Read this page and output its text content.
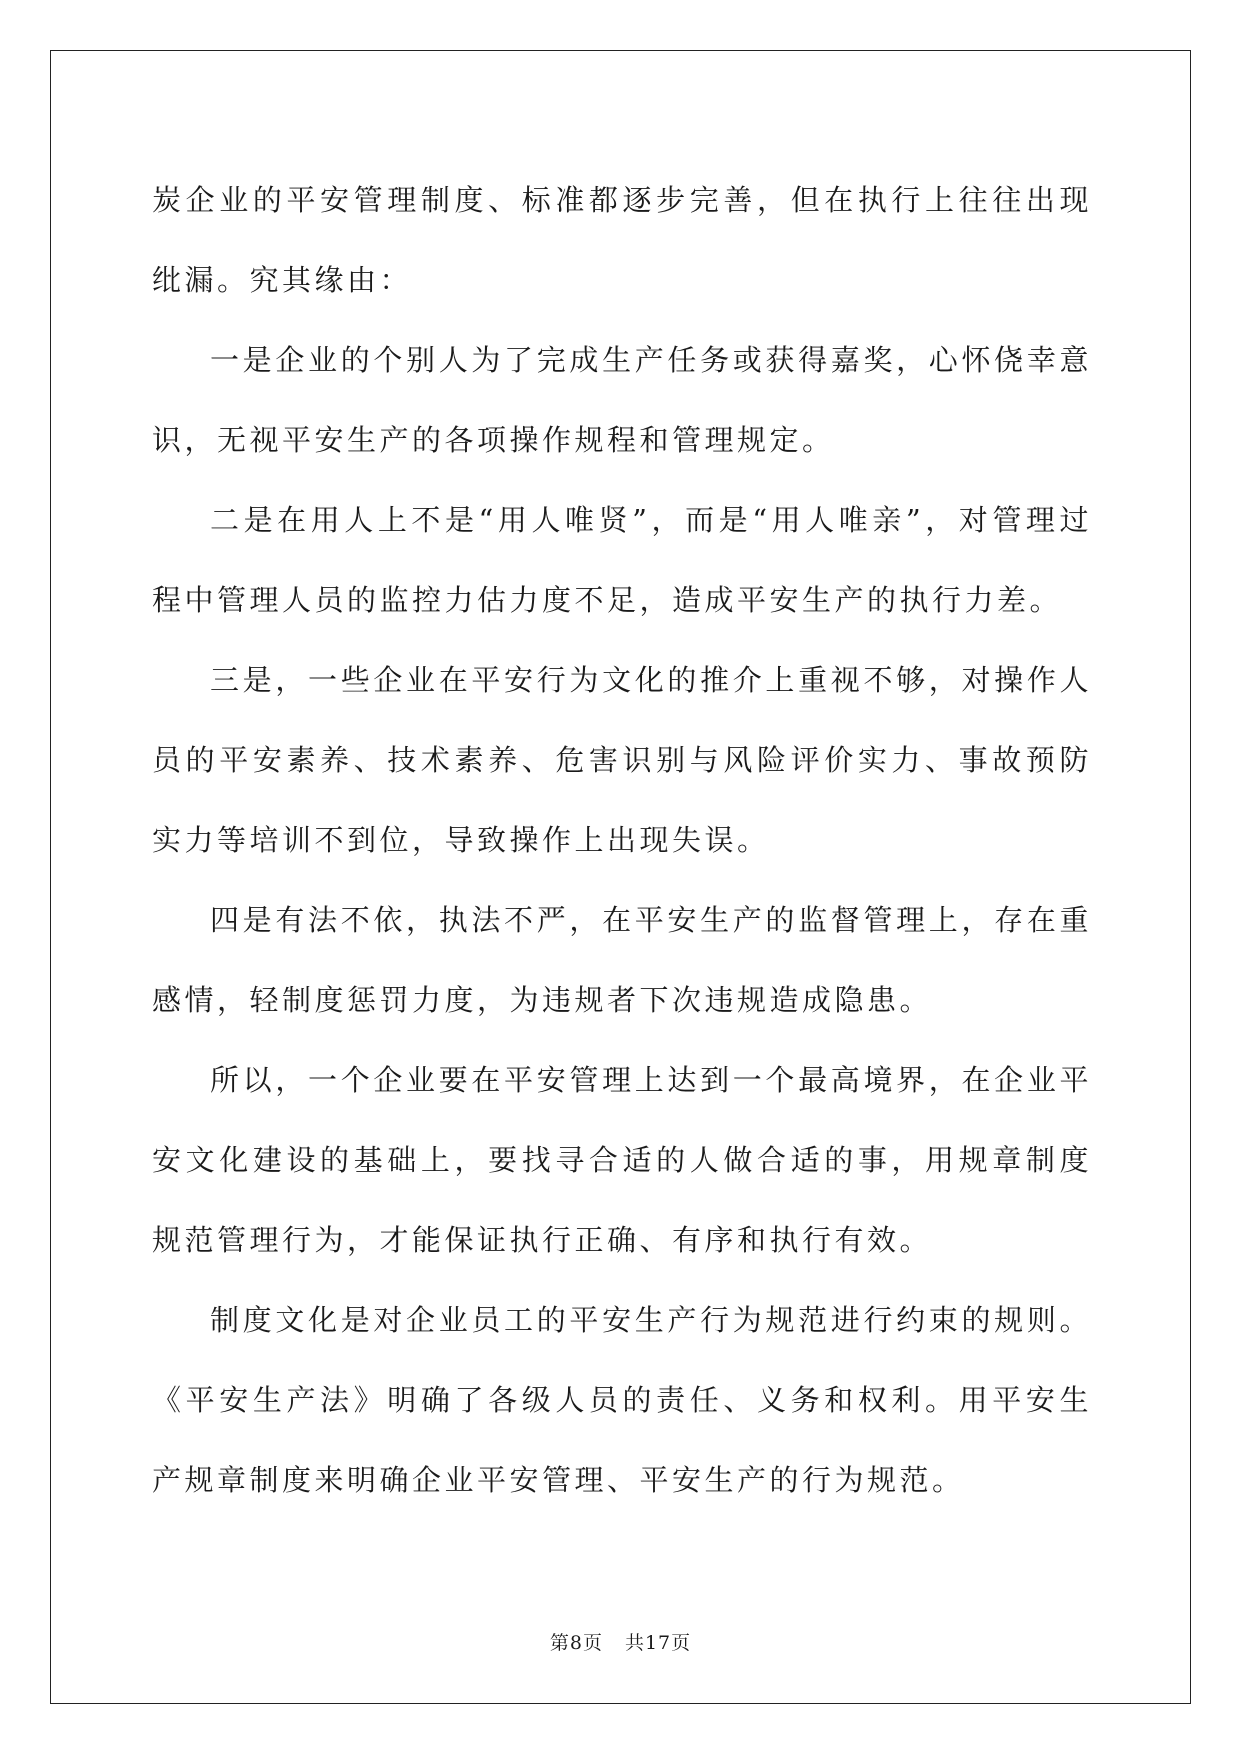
炭企业的平安管理制度、标准都逐步完善，但在执行上往往出现纰漏。究其缘由：

一是企业的个别人为了完成生产任务或获得嘉奖，心怀侥幸意识，无视平安生产的各项操作规程和管理规定。

二是在用人上不是“用人唯贤”，而是“用人唯亲”，对管理过程中管理人员的监控力估力度不足，造成平安生产的执行力差。

三是，一些企业在平安行为文化的推介上重视不够，对操作人员的平安素养、技术素养、危害识别与风险评价实力、事故预防实力等培训不到位，导致操作上出现失误。

四是有法不依，执法不严，在平安生产的监督管理上，存在重感情，轻制度惩罚力度，为违规者下次违规造成隐患。

所以，一个企业要在平安管理上达到一个最高境界，在企业平安文化建设的基础上，要找寻合适的人做合适的事，用规章制度规范管理行为，才能保证执行正确、有序和执行有效。

制度文化是对企业员工的平安生产行为规范进行约束的规则。《平安生产法》明确了各级人员的责任、义务和权利。用平安生产规章制度来明确企业平安管理、平安生产的行为规范。

第8页 共17页
